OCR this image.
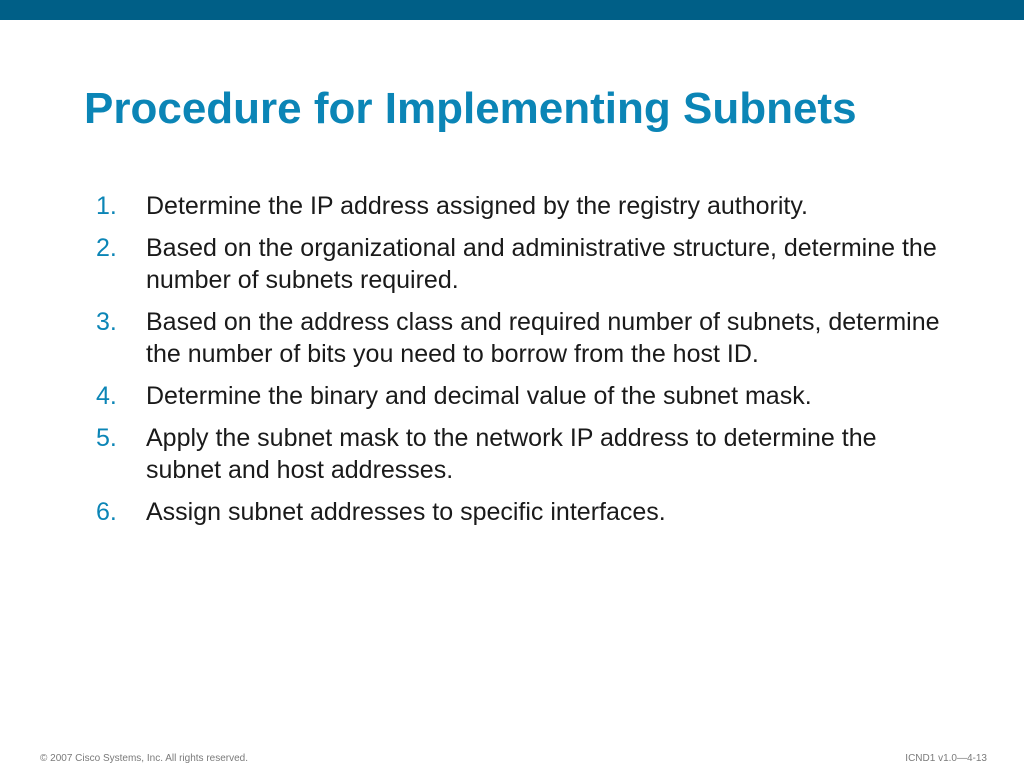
Procedure for Implementing Subnets
1. Determine the IP address assigned by the registry authority.
2. Based on the organizational and administrative structure, determine the number of subnets required.
3. Based on the address class and required number of subnets, determine the number of bits you need to borrow from the host ID.
4. Determine the binary and decimal value of the subnet mask.
5. Apply the subnet mask to the network IP address to determine the subnet and host addresses.
6. Assign subnet addresses to specific interfaces.
© 2007 Cisco Systems, Inc. All rights reserved.	ICND1 v1.0—4-13
